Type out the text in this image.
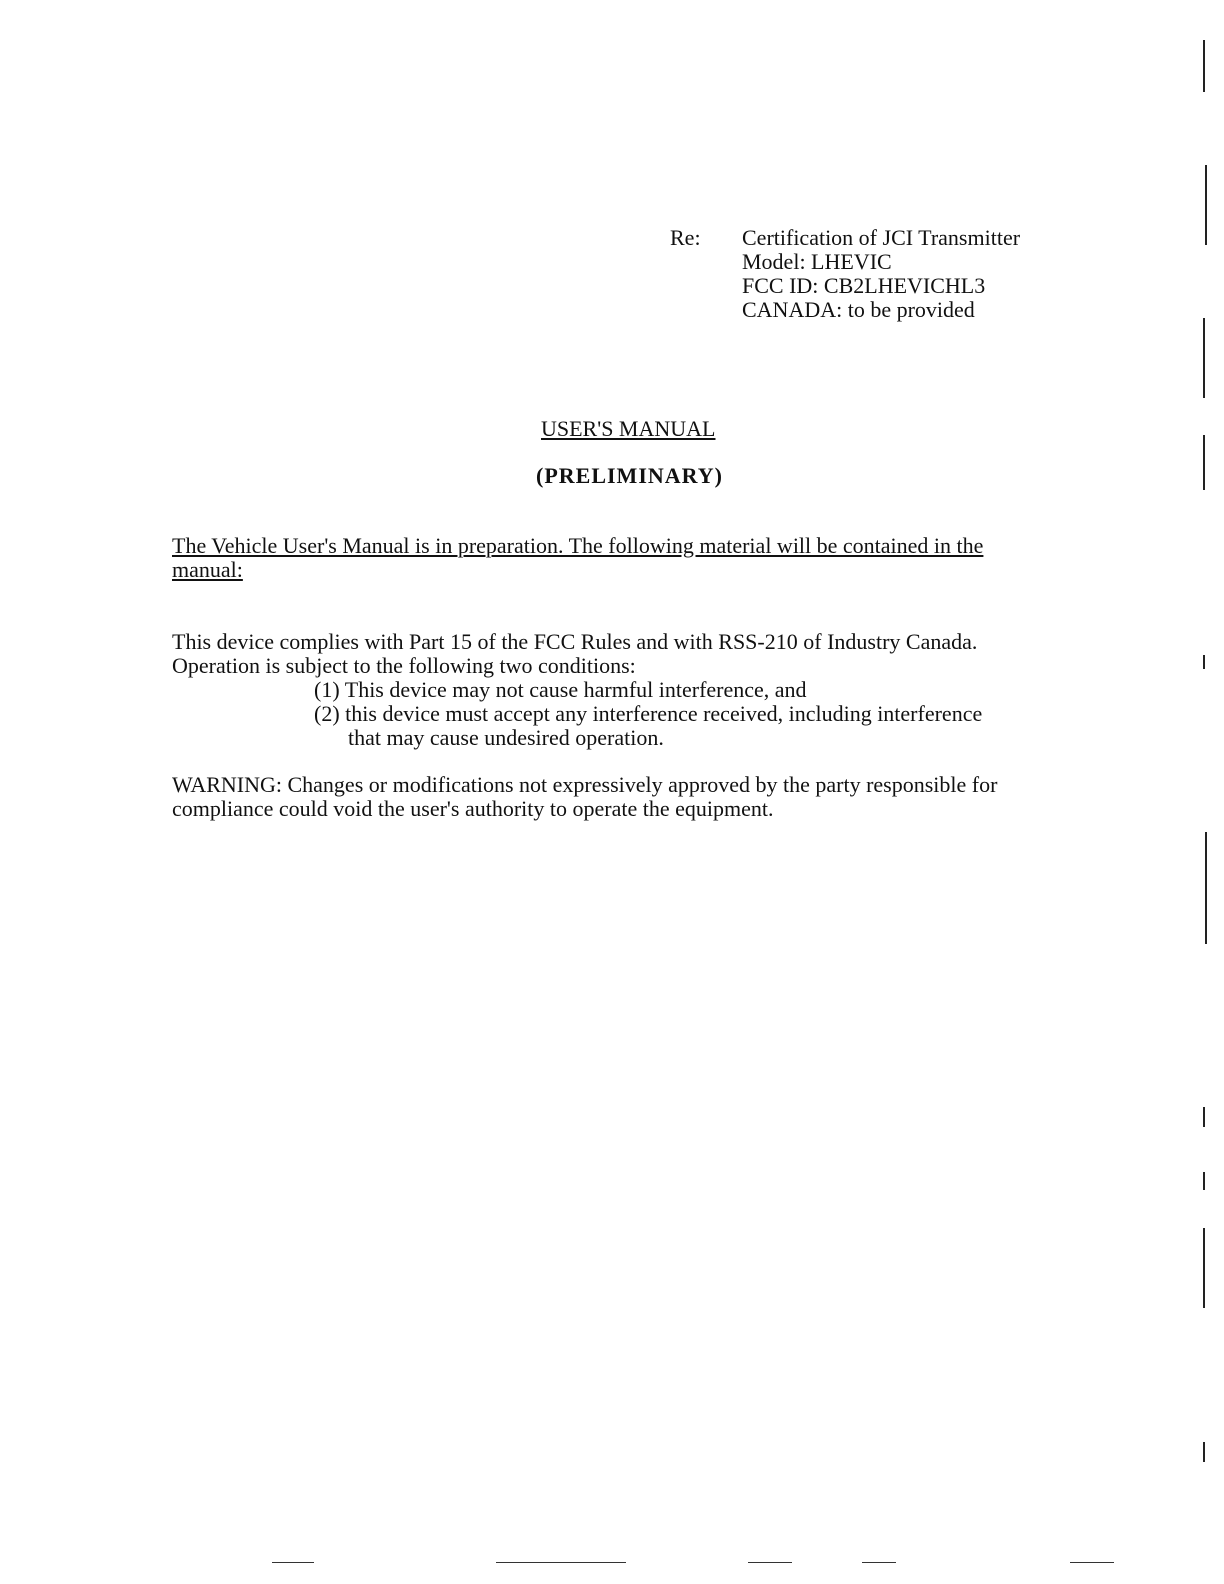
Re: Certification of JCI Transmitter
Model: LHEVIC
FCC ID: CB2LHEVICHL3
CANADA: to be provided
USER'S MANUAL
(PRELIMINARY)
The Vehicle User's Manual is in preparation. The following material will be contained in the manual:
This device complies with Part 15 of the FCC Rules and with RSS-210 of Industry Canada.
Operation is subject to the following two conditions:
(1) This device may not cause harmful interference, and
(2) this device must accept any interference received, including interference
that may cause undesired operation.
WARNING: Changes or modifications not expressively approved by the party responsible for
compliance could void the user's authority to operate the equipment.
